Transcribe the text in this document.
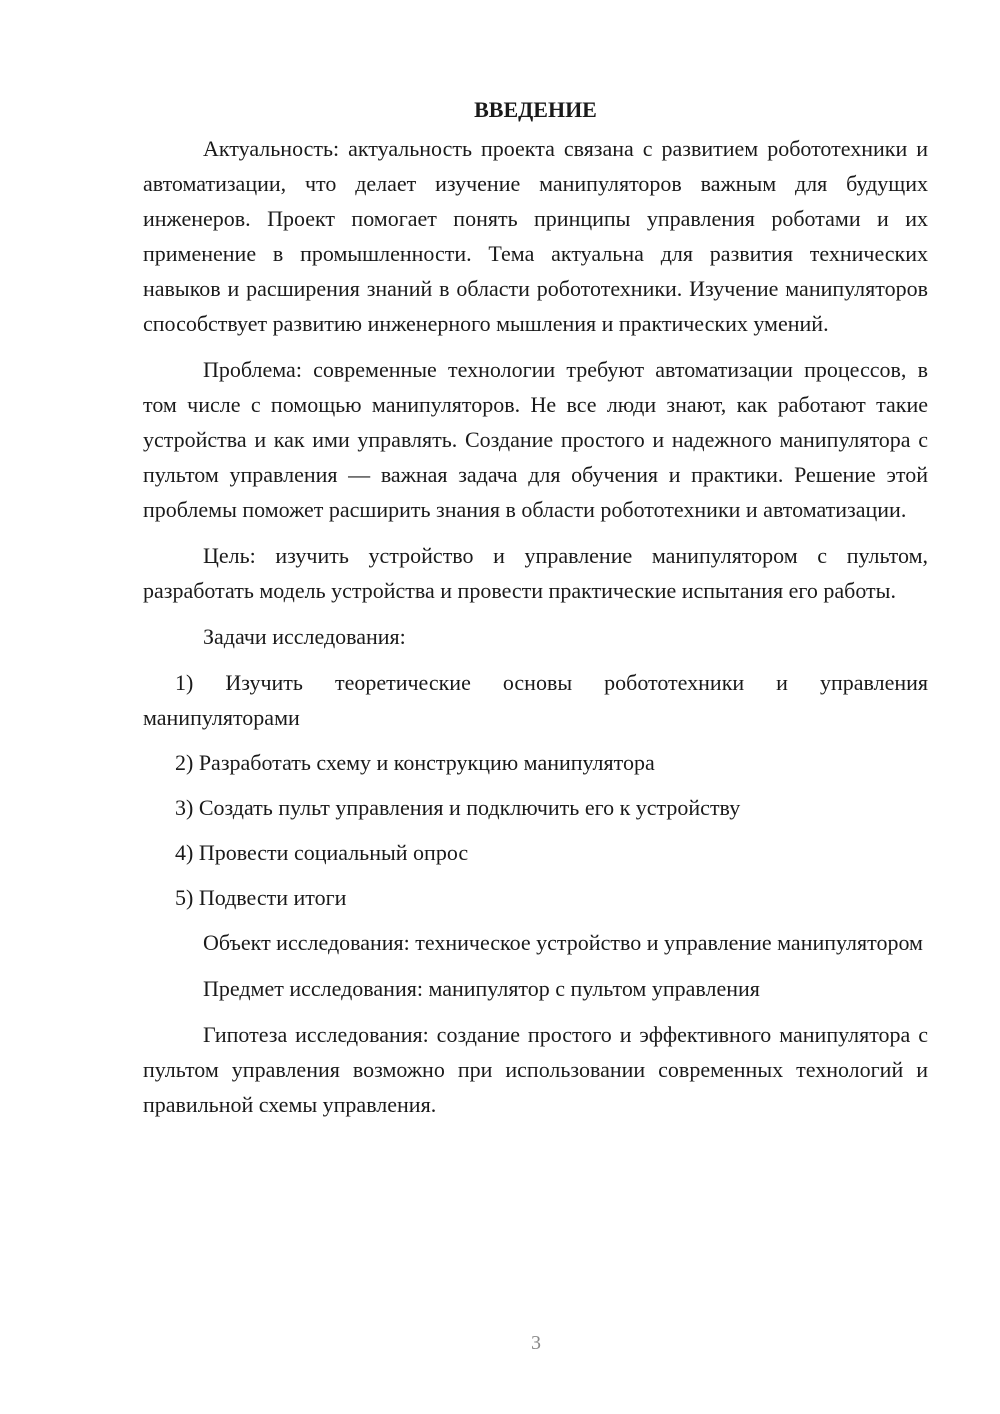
ВВЕДЕНИЕ

Актуальность: актуальность проекта связана с развитием робототехники и автоматизации, что делает изучение манипуляторов важным для будущих инженеров. Проект помогает понять принципы управления роботами и их применение в промышленности. Тема актуальна для развития технических навыков и расширения знаний в области робототехники. Изучение манипуляторов способствует развитию инженерного мышления и практических умений.

Проблема: современные технологии требуют автоматизации процессов, в том числе с помощью манипуляторов. Не все люди знают, как работают такие устройства и как ими управлять. Создание простого и надежного манипулятора с пультом управления — важная задача для обучения и практики. Решение этой проблемы поможет расширить знания в области робототехники и автоматизации.

Цель: изучить устройство и управление манипулятором с пультом, разработать модель устройства и провести практические испытания его работы.

Задачи исследования:

1) Изучить теоретические основы робототехники и управления манипуляторами

2) Разработать схему и конструкцию манипулятора

3) Создать пульт управления и подключить его к устройству

4) Провести социальный опрос

5) Подвести итоги

Объект исследования: техническое устройство и управление манипулятором

Предмет исследования: манипулятор с пультом управления

Гипотеза исследования: создание простого и эффективного манипулятора с пультом управления возможно при использовании современных технологий и правильной схемы управления.

3
